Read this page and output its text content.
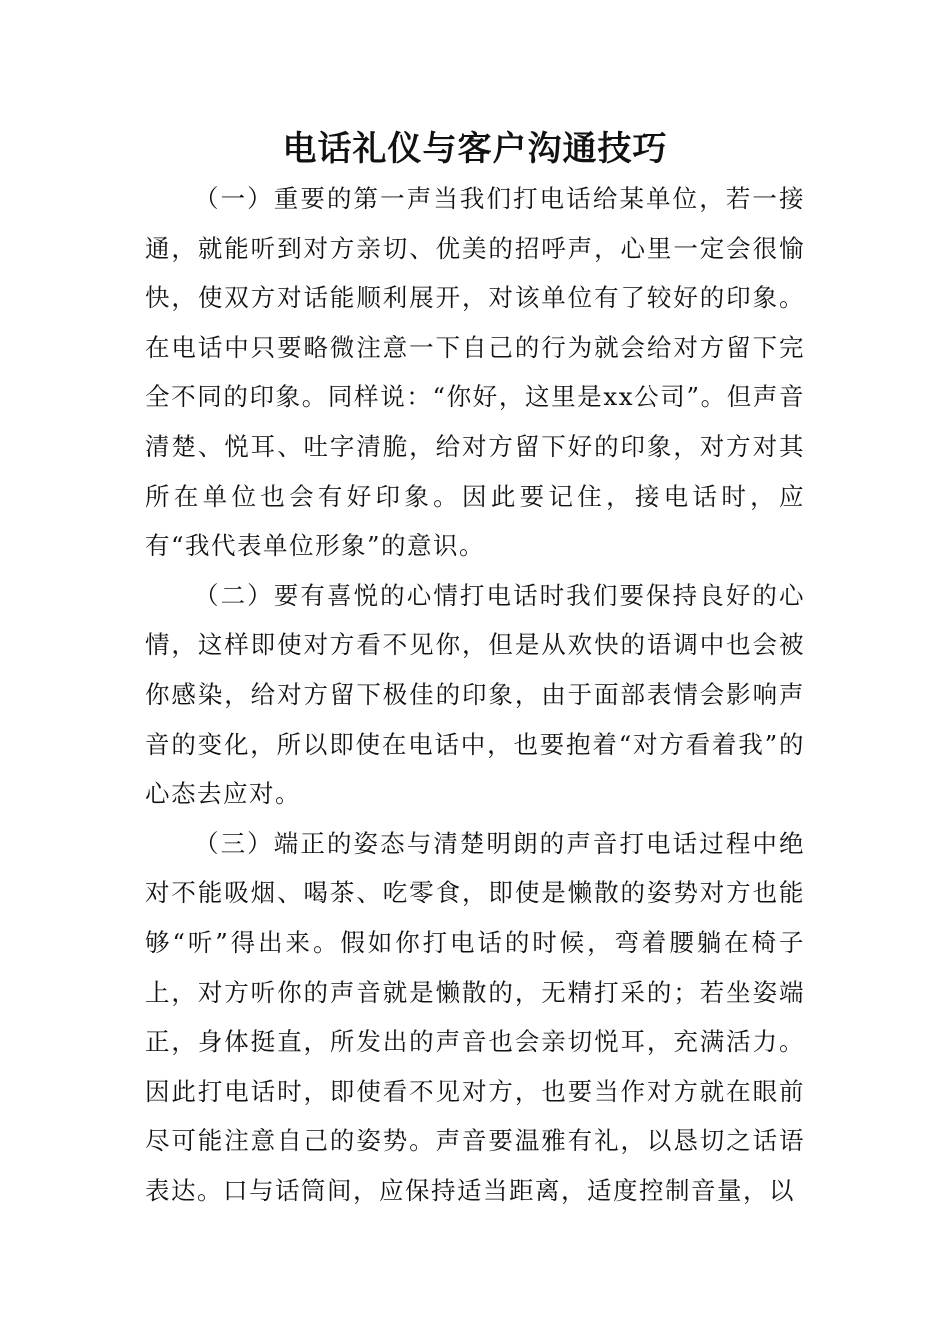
电话礼仪与客户沟通技巧

（一）重要的第一声当我们打电话给某单位，若一接通，就能听到对方亲切、优美的招呼声，心里一定会很愉快，使双方对话能顺利展开，对该单位有了较好的印象。在电话中只要略微注意一下自己的行为就会给对方留下完全不同的印象。同样说：“你好，这里是xx公司”。但声音清楚、悦耳、吐字清脆，给对方留下好的印象，对方对其所在单位也会有好印象。因此要记住，接电话时，应有“我代表单位形象”的意识。

（二）要有喜悦的心情打电话时我们要保持良好的心情，这样即使对方看不见你，但是从欢快的语调中也会被你感染，给对方留下极佳的印象，由于面部表情会影响声音的变化，所以即使在电话中，也要抱着“对方看着我”的心态去应对。

（三）端正的姿态与清楚明朗的声音打电话过程中绝对不能吸烟、喝茶、吃零食，即使是懒散的姿势对方也能够“听”得出来。假如你打电话的时候，弯着腰躺在椅子上，对方听你的声音就是懒散的，无精打采的；若坐姿端正，身体挺直，所发出的声音也会亲切悦耳，充满活力。因此打电话时，即使看不见对方，也要当作对方就在眼前尽可能注意自己的姿势。声音要温雅有礼，以恳切之话语表达。口与话筒间，应保持适当距离，适度控制音量，以
